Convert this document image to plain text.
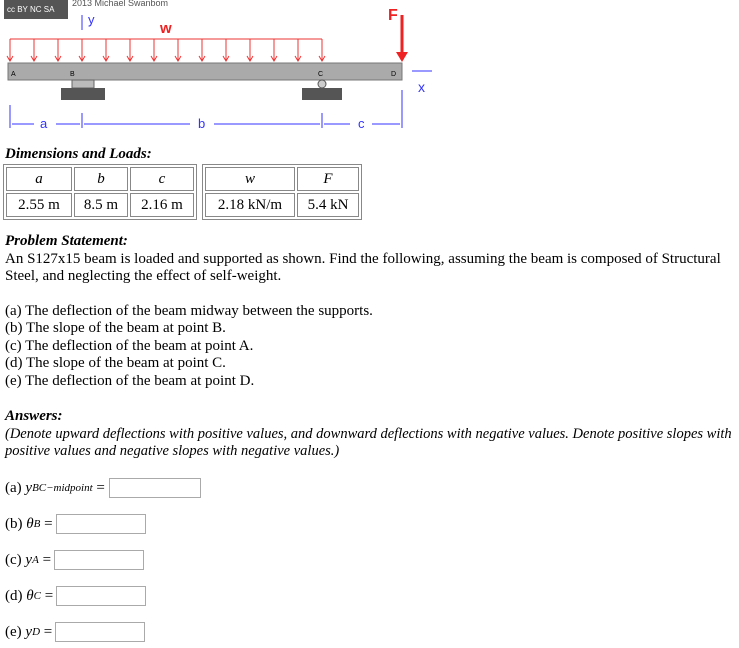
cc BY NC SA
2013 Michael Swanbom
w
y
A	B	C	D
F
x
a	b	c
Dimensions and Loads:
a	b	c
2.55 m	8.5 m	2.16 m
w	F
2.18 kN/m	5.4 kN

Problem Statement:

An S127x15 beam is loaded and supported as shown. Find the following, assuming the beam is composed of Structural Steel, and neglecting the effect of self-weight.

(a) The deflection of the beam midway between the supports.

(b) The slope of the beam at point B.

(c) The deflection of the beam at point A.

(d) The slope of the beam at point C.

(e) The deflection of the beam at point D.

Answers:

(Denote upward deflections with positive values, and downward deflections with negative values. Denote positive slopes with positive values and negative slopes with negative values.)

(a)
y BC−midpoint =
(b)
θ B =
(c)
y A =
(d)
θ C =
(e)
y D =
